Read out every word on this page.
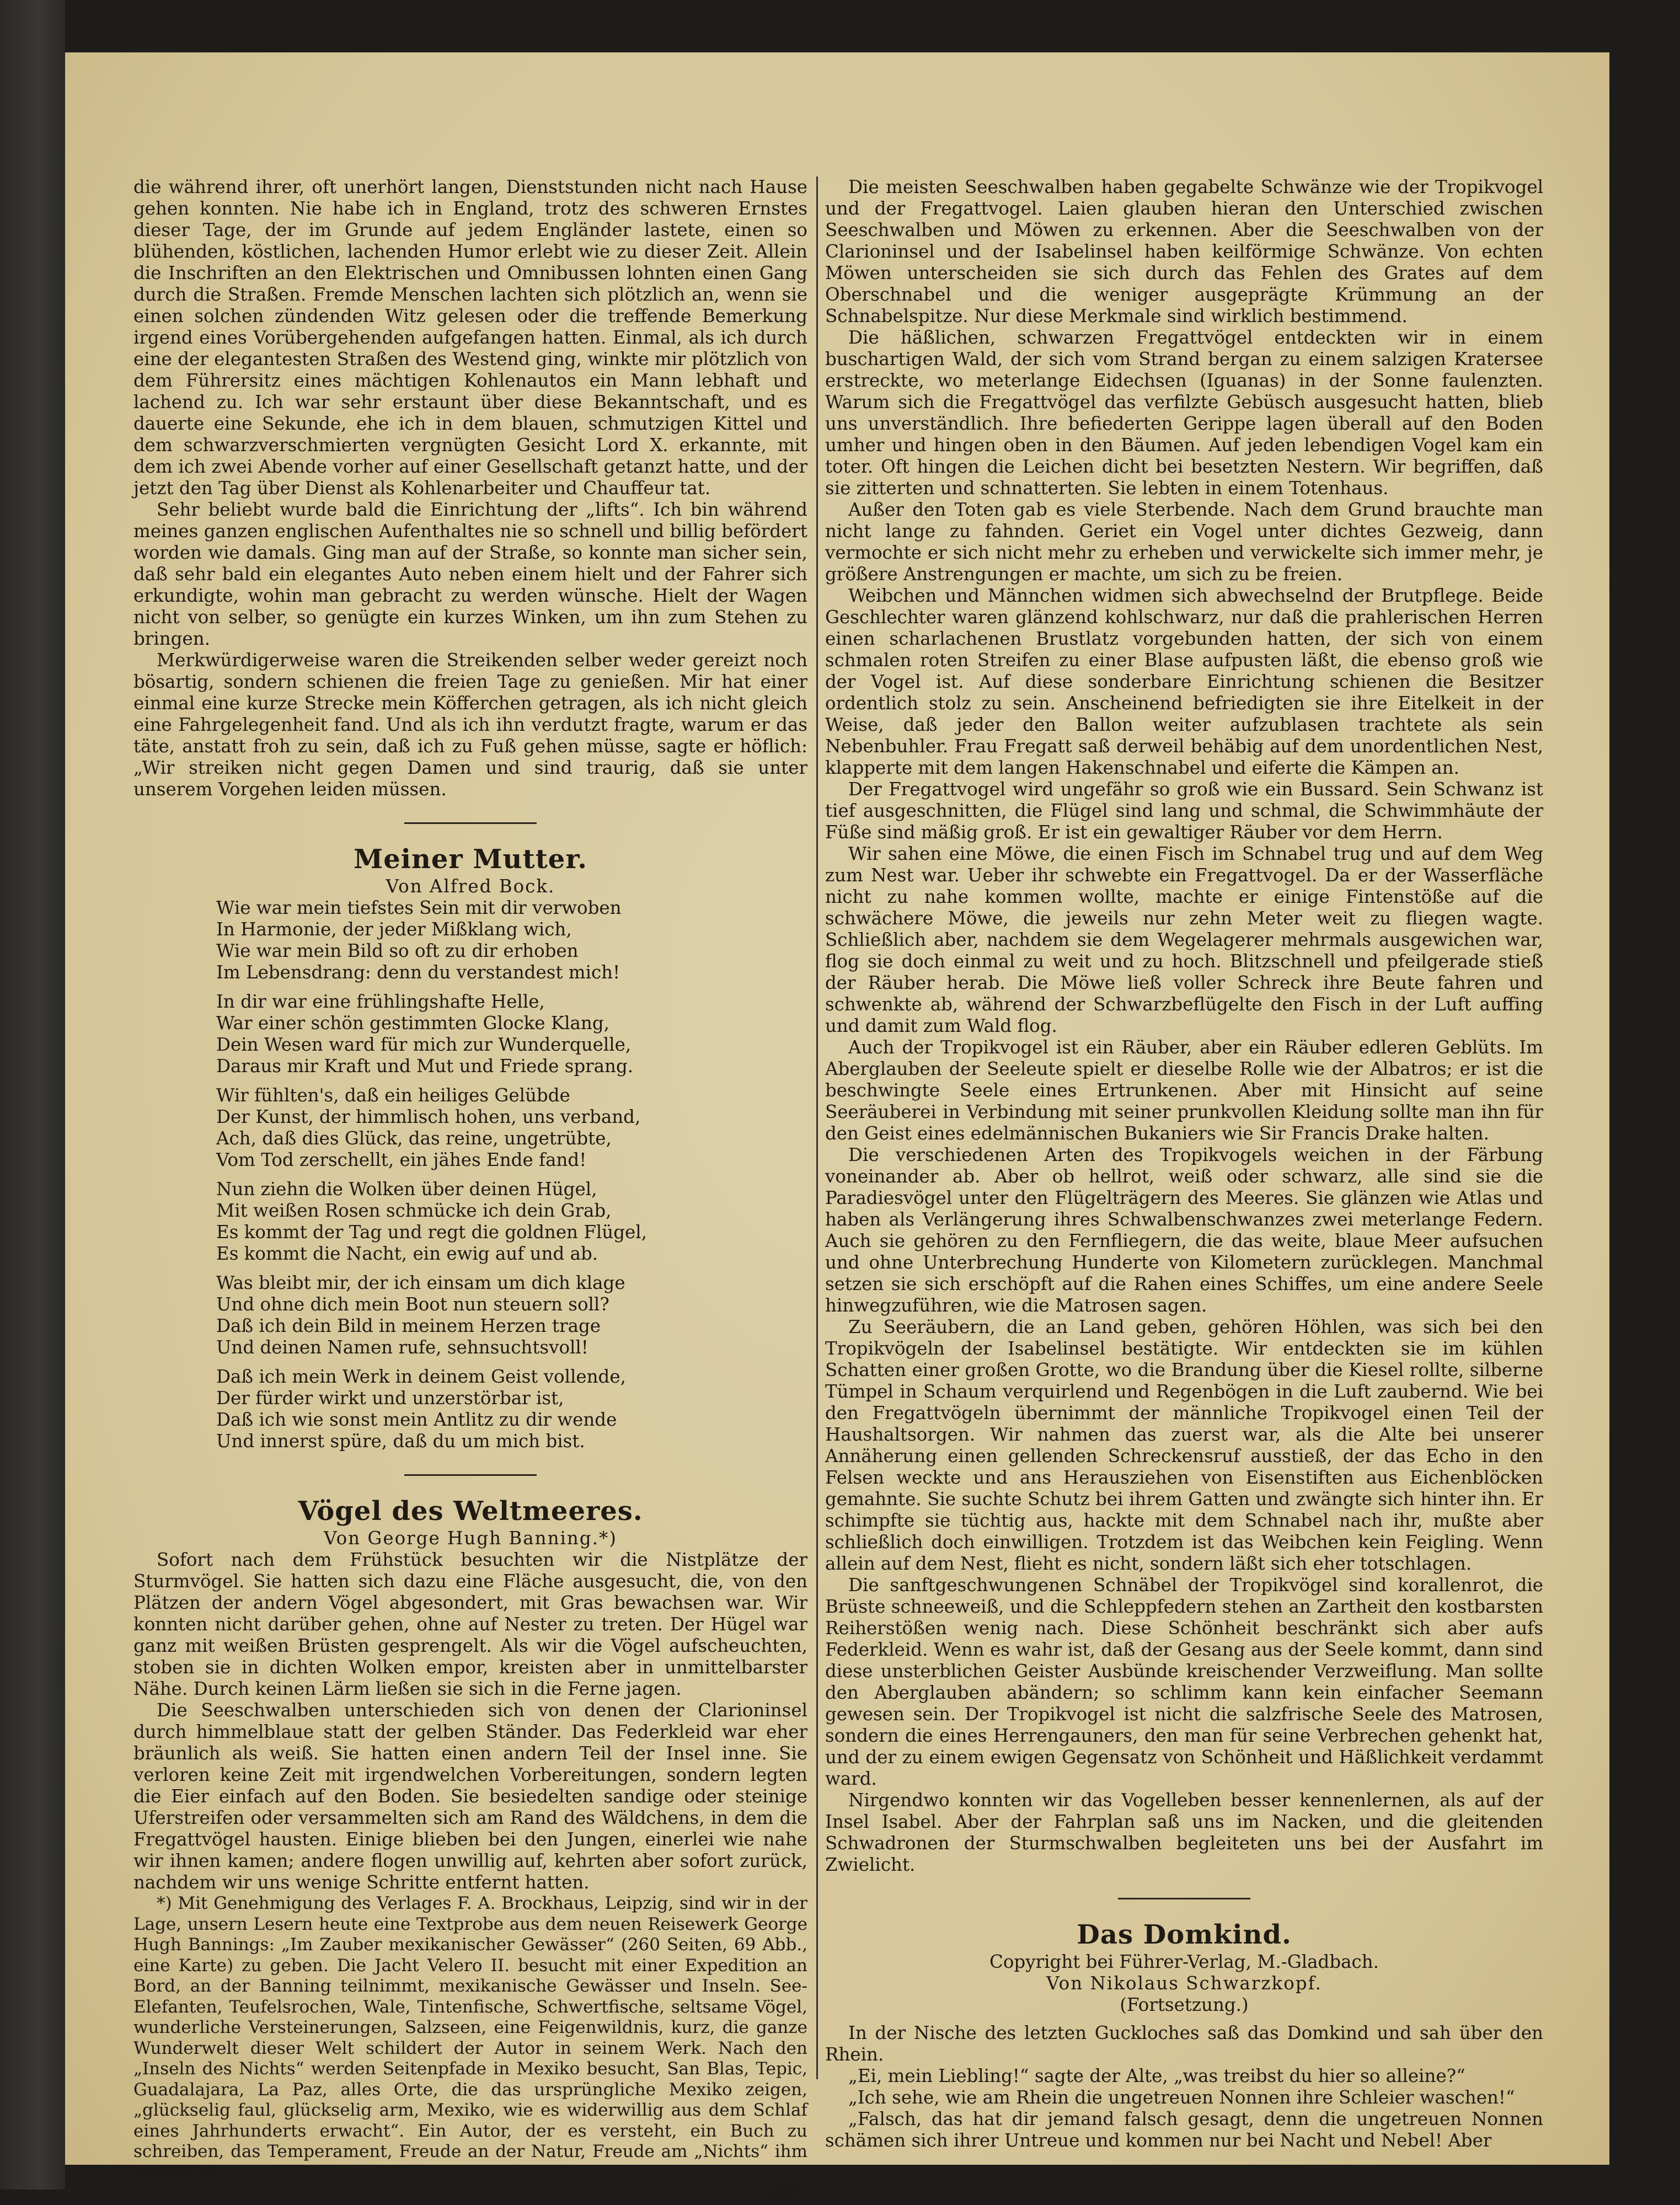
die während ihrer, oft unerhört langen, Dienststunden nicht nach Hause gehen konnten. Nie habe ich in England, trotz des schweren Ernstes dieser Tage, der im Grunde auf jedem Engländer lastete, einen so blühenden, köstlichen, lachenden Humor erlebt wie zu dieser Zeit. Allein die Inschriften an den Elektrischen und Omnibussen lohnten einen Gang durch die Straßen. Fremde Menschen lachten sich plötzlich an, wenn sie einen solchen zündenden Witz gelesen oder die treffende Bemerkung irgend eines Vorübergehenden aufgefangen hatten. Einmal, als ich durch eine der elegantesten Straßen des Westend ging, winkte mir plötzlich von dem Führersitz eines mächtigen Kohlenautos ein Mann lebhaft und lachend zu. Ich war sehr erstaunt über diese Bekanntschaft, und es dauerte eine Sekunde, ehe ich in dem blauen, schmutzigen Kittel und dem schwarzverschmierten vergnügten Gesicht Lord X. erkannte, mit dem ich zwei Abende vorher auf einer Gesellschaft getanzt hatte, und der jetzt den Tag über Dienst als Kohlenarbeiter und Chauffeur tat.

Sehr beliebt wurde bald die Einrichtung der „lifts“. Ich bin während meines ganzen englischen Aufenthaltes nie so schnell und billig befördert worden wie damals. Ging man auf der Straße, so konnte man sicher sein, daß sehr bald ein elegantes Auto neben einem hielt und der Fahrer sich erkundigte, wohin man gebracht zu werden wünsche. Hielt der Wagen nicht von selber, so genügte ein kurzes Winken, um ihn zum Stehen zu bringen.

Merkwürdigerweise waren die Streikenden selber weder gereizt noch bösartig, sondern schienen die freien Tage zu genießen. Mir hat einer einmal eine kurze Strecke mein Köfferchen getragen, als ich nicht gleich eine Fahrgelegenheit fand. Und als ich ihn verdutzt fragte, warum er das täte, anstatt froh zu sein, daß ich zu Fuß gehen müsse, sagte er höflich: „Wir streiken nicht gegen Damen und sind traurig, daß sie unter unserem Vorgehen leiden müssen.

Meiner Mutter.

Von Alfred Bock.

Wie war mein tiefstes Sein mit dir verwoben
In Harmonie, der jeder Mißklang wich,
Wie war mein Bild so oft zu dir erhoben
Im Lebensdrang: denn du verstandest mich!
In dir war eine frühlingshafte Helle,
War einer schön gestimmten Glocke Klang,
Dein Wesen ward für mich zur Wunderquelle,
Daraus mir Kraft und Mut und Friede sprang.
Wir fühlten's, daß ein heiliges Gelübde
Der Kunst, der himmlisch hohen, uns verband,
Ach, daß dies Glück, das reine, ungetrübte,
Vom Tod zerschellt, ein jähes Ende fand!
Nun ziehn die Wolken über deinen Hügel,
Mit weißen Rosen schmücke ich dein Grab,
Es kommt der Tag und regt die goldnen Flügel,
Es kommt die Nacht, ein ewig auf und ab.
Was bleibt mir, der ich einsam um dich klage
Und ohne dich mein Boot nun steuern soll?
Daß ich dein Bild in meinem Herzen trage
Und deinen Namen rufe, sehnsuchtsvoll!
Daß ich mein Werk in deinem Geist vollende,
Der fürder wirkt und unzerstörbar ist,
Daß ich wie sonst mein Antlitz zu dir wende
Und innerst spüre, daß du um mich bist.

Vögel des Weltmeeres.

Von George Hugh Banning.*)

Sofort nach dem Frühstück besuchten wir die Nistplätze der Sturmvögel. Sie hatten sich dazu eine Fläche ausgesucht, die, von den Plätzen der andern Vögel abgesondert, mit Gras bewachsen war. Wir konnten nicht darüber gehen, ohne auf Nester zu treten. Der Hügel war ganz mit weißen Brüsten gesprengelt. Als wir die Vögel aufscheuchten, stoben sie in dichten Wolken empor, kreisten aber in unmittelbarster Nähe. Durch keinen Lärm ließen sie sich in die Ferne jagen.

Die Seeschwalben unterschieden sich von denen der Clarioninsel durch himmelblaue statt der gelben Ständer. Das Federkleid war eher bräunlich als weiß. Sie hatten einen andern Teil der Insel inne. Sie verloren keine Zeit mit irgendwelchen Vorbereitungen, sondern legten die Eier einfach auf den Boden. Sie besiedelten sandige oder steinige Uferstreifen oder versammelten sich am Rand des Wäldchens, in dem die Fregattvögel hausten. Einige blieben bei den Jungen, einerlei wie nahe wir ihnen kamen; andere flogen unwillig auf, kehrten aber sofort zurück, nachdem wir uns wenige Schritte entfernt hatten.

*) Mit Genehmigung des Verlages F. A. Brockhaus, Leipzig, sind wir in der Lage, unsern Lesern heute eine Textprobe aus dem neuen Reisewerk George Hugh Bannings: „Im Zauber mexikanischer Gewässer“ (260 Seiten, 69 Abb., eine Karte) zu geben. Die Jacht Velero II. besucht mit einer Expedition an Bord, an der Banning teilnimmt, mexikanische Gewässer und Inseln. See-Elefanten, Teufelsrochen, Wale, Tintenfische, Schwertfische, seltsame Vögel, wunderliche Versteinerungen, Salzseen, eine Feigenwildnis, kurz, die ganze Wunderwelt dieser Welt schildert der Autor in seinem Werk. Nach den „Inseln des Nichts“ werden Seitenpfade in Mexiko besucht, San Blas, Tepic, Guadalajara, La Paz, alles Orte, die das ursprüngliche Mexiko zeigen, „glückselig faul, glückselig arm, Mexiko, wie es widerwillig aus dem Schlaf eines Jahrhunderts erwacht“. Ein Autor, der es versteht, ein Buch zu schreiben, das Temperament, Freude an der Natur, Freude am „Nichts“ ihm diktierten.

498

Die meisten Seeschwalben haben gegabelte Schwänze wie der Tropikvogel und der Fregattvogel. Laien glauben hieran den Unterschied zwischen Seeschwalben und Möwen zu erkennen. Aber die Seeschwalben von der Clarioninsel und der Isabelinsel haben keilförmige Schwänze. Von echten Möwen unterscheiden sie sich durch das Fehlen des Grates auf dem Oberschnabel und die weniger ausgeprägte Krümmung an der Schnabelspitze. Nur diese Merkmale sind wirklich bestimmend.

Die häßlichen, schwarzen Fregattvögel entdeckten wir in einem buschartigen Wald, der sich vom Strand bergan zu einem salzigen Kratersee erstreckte, wo meterlange Eidechsen (Iguanas) in der Sonne faulenzten. Warum sich die Fregattvögel das verfilzte Gebüsch ausgesucht hatten, blieb uns unverständlich. Ihre befiederten Gerippe lagen überall auf den Boden umher und hingen oben in den Bäumen. Auf jeden lebendigen Vogel kam ein toter. Oft hingen die Leichen dicht bei besetzten Nestern. Wir begriffen, daß sie zitterten und schnatterten. Sie lebten in einem Totenhaus.

Außer den Toten gab es viele Sterbende. Nach dem Grund brauchte man nicht lange zu fahnden. Geriet ein Vogel unter dichtes Gezweig, dann vermochte er sich nicht mehr zu erheben und verwickelte sich immer mehr, je größere Anstrengungen er machte, um sich zu be freien.

Weibchen und Männchen widmen sich abwechselnd der Brutpflege. Beide Geschlechter waren glänzend kohlschwarz, nur daß die prahlerischen Herren einen scharlachenen Brustlatz vorgebunden hatten, der sich von einem schmalen roten Streifen zu einer Blase aufpusten läßt, die ebenso groß wie der Vogel ist. Auf diese sonderbare Einrichtung schienen die Besitzer ordentlich stolz zu sein. Anscheinend befriedigten sie ihre Eitelkeit in der Weise, daß jeder den Ballon weiter aufzublasen trachtete als sein Nebenbuhler. Frau Fregatt saß derweil behäbig auf dem unordentlichen Nest, klapperte mit dem langen Hakenschnabel und eiferte die Kämpen an.

Der Fregattvogel wird ungefähr so groß wie ein Bussard. Sein Schwanz ist tief ausgeschnitten, die Flügel sind lang und schmal, die Schwimmhäute der Füße sind mäßig groß. Er ist ein gewaltiger Räuber vor dem Herrn.

Wir sahen eine Möwe, die einen Fisch im Schnabel trug und auf dem Weg zum Nest war. Ueber ihr schwebte ein Fregattvogel. Da er der Wasserfläche nicht zu nahe kommen wollte, machte er einige Fintenstöße auf die schwächere Möwe, die jeweils nur zehn Meter weit zu fliegen wagte. Schließlich aber, nachdem sie dem Wegelagerer mehrmals ausgewichen war, flog sie doch einmal zu weit und zu hoch. Blitzschnell und pfeilgerade stieß der Räuber herab. Die Möwe ließ voller Schreck ihre Beute fahren und schwenkte ab, während der Schwarzbeflügelte den Fisch in der Luft auffing und damit zum Wald flog.

Auch der Tropikvogel ist ein Räuber, aber ein Räuber edleren Geblüts. Im Aberglauben der Seeleute spielt er dieselbe Rolle wie der Albatros; er ist die beschwingte Seele eines Ertrunkenen. Aber mit Hinsicht auf seine Seeräuberei in Verbindung mit seiner prunkvollen Kleidung sollte man ihn für den Geist eines edelmännischen Bukaniers wie Sir Francis Drake halten.

Die verschiedenen Arten des Tropikvogels weichen in der Färbung voneinander ab. Aber ob hellrot, weiß oder schwarz, alle sind sie die Paradiesvögel unter den Flügelträgern des Meeres. Sie glänzen wie Atlas und haben als Verlängerung ihres Schwalbenschwanzes zwei meterlange Federn. Auch sie gehören zu den Fernfliegern, die das weite, blaue Meer aufsuchen und ohne Unterbrechung Hunderte von Kilometern zurücklegen. Manchmal setzen sie sich erschöpft auf die Rahen eines Schiffes, um eine andere Seele hinwegzuführen, wie die Matrosen sagen.

Zu Seeräubern, die an Land geben, gehören Höhlen, was sich bei den Tropikvögeln der Isabelinsel bestätigte. Wir entdeckten sie im kühlen Schatten einer großen Grotte, wo die Brandung über die Kiesel rollte, silberne Tümpel in Schaum verquirlend und Regenbögen in die Luft zaubernd. Wie bei den Fregattvögeln übernimmt der männliche Tropikvogel einen Teil der Haushaltsorgen. Wir nahmen das zuerst war, als die Alte bei unserer Annäherung einen gellenden Schreckensruf ausstieß, der das Echo in den Felsen weckte und ans Herausziehen von Eisenstiften aus Eichenblöcken gemahnte. Sie suchte Schutz bei ihrem Gatten und zwängte sich hinter ihn. Er schimpfte sie tüchtig aus, hackte mit dem Schnabel nach ihr, mußte aber schließlich doch einwilligen. Trotzdem ist das Weibchen kein Feigling. Wenn allein auf dem Nest, flieht es nicht, sondern läßt sich eher totschlagen.

Die sanftgeschwungenen Schnäbel der Tropikvögel sind korallenrot, die Brüste schneeweiß, und die Schleppfedern stehen an Zartheit den kostbarsten Reiherstößen wenig nach. Diese Schönheit beschränkt sich aber aufs Federkleid. Wenn es wahr ist, daß der Gesang aus der Seele kommt, dann sind diese unsterblichen Geister Ausbünde kreischender Verzweiflung. Man sollte den Aberglauben abändern; so schlimm kann kein einfacher Seemann gewesen sein. Der Tropikvogel ist nicht die salzfrische Seele des Matrosen, sondern die eines Herrengauners, den man für seine Verbrechen gehenkt hat, und der zu einem ewigen Gegensatz von Schönheit und Häßlichkeit verdammt ward.

Nirgendwo konnten wir das Vogelleben besser kennenlernen, als auf der Insel Isabel. Aber der Fahrplan saß uns im Nacken, und die gleitenden Schwadronen der Sturmschwalben begleiteten uns bei der Ausfahrt im Zwielicht.

Das Domkind.

Copyright bei Führer-Verlag, M.-Gladbach.

Von Nikolaus Schwarzkopf.

(Fortsetzung.)

In der Nische des letzten Guckloches saß das Domkind und sah über den Rhein.

„Ei, mein Liebling!“ sagte der Alte, „was treibst du hier so alleine?“

„Ich sehe, wie am Rhein die ungetreuen Nonnen ihre Schleier waschen!“

„Falsch, das hat dir jemand falsch gesagt, denn die ungetreuen Nonnen schämen sich ihrer Untreue und kommen nur bei Nacht und Nebel! Aber
